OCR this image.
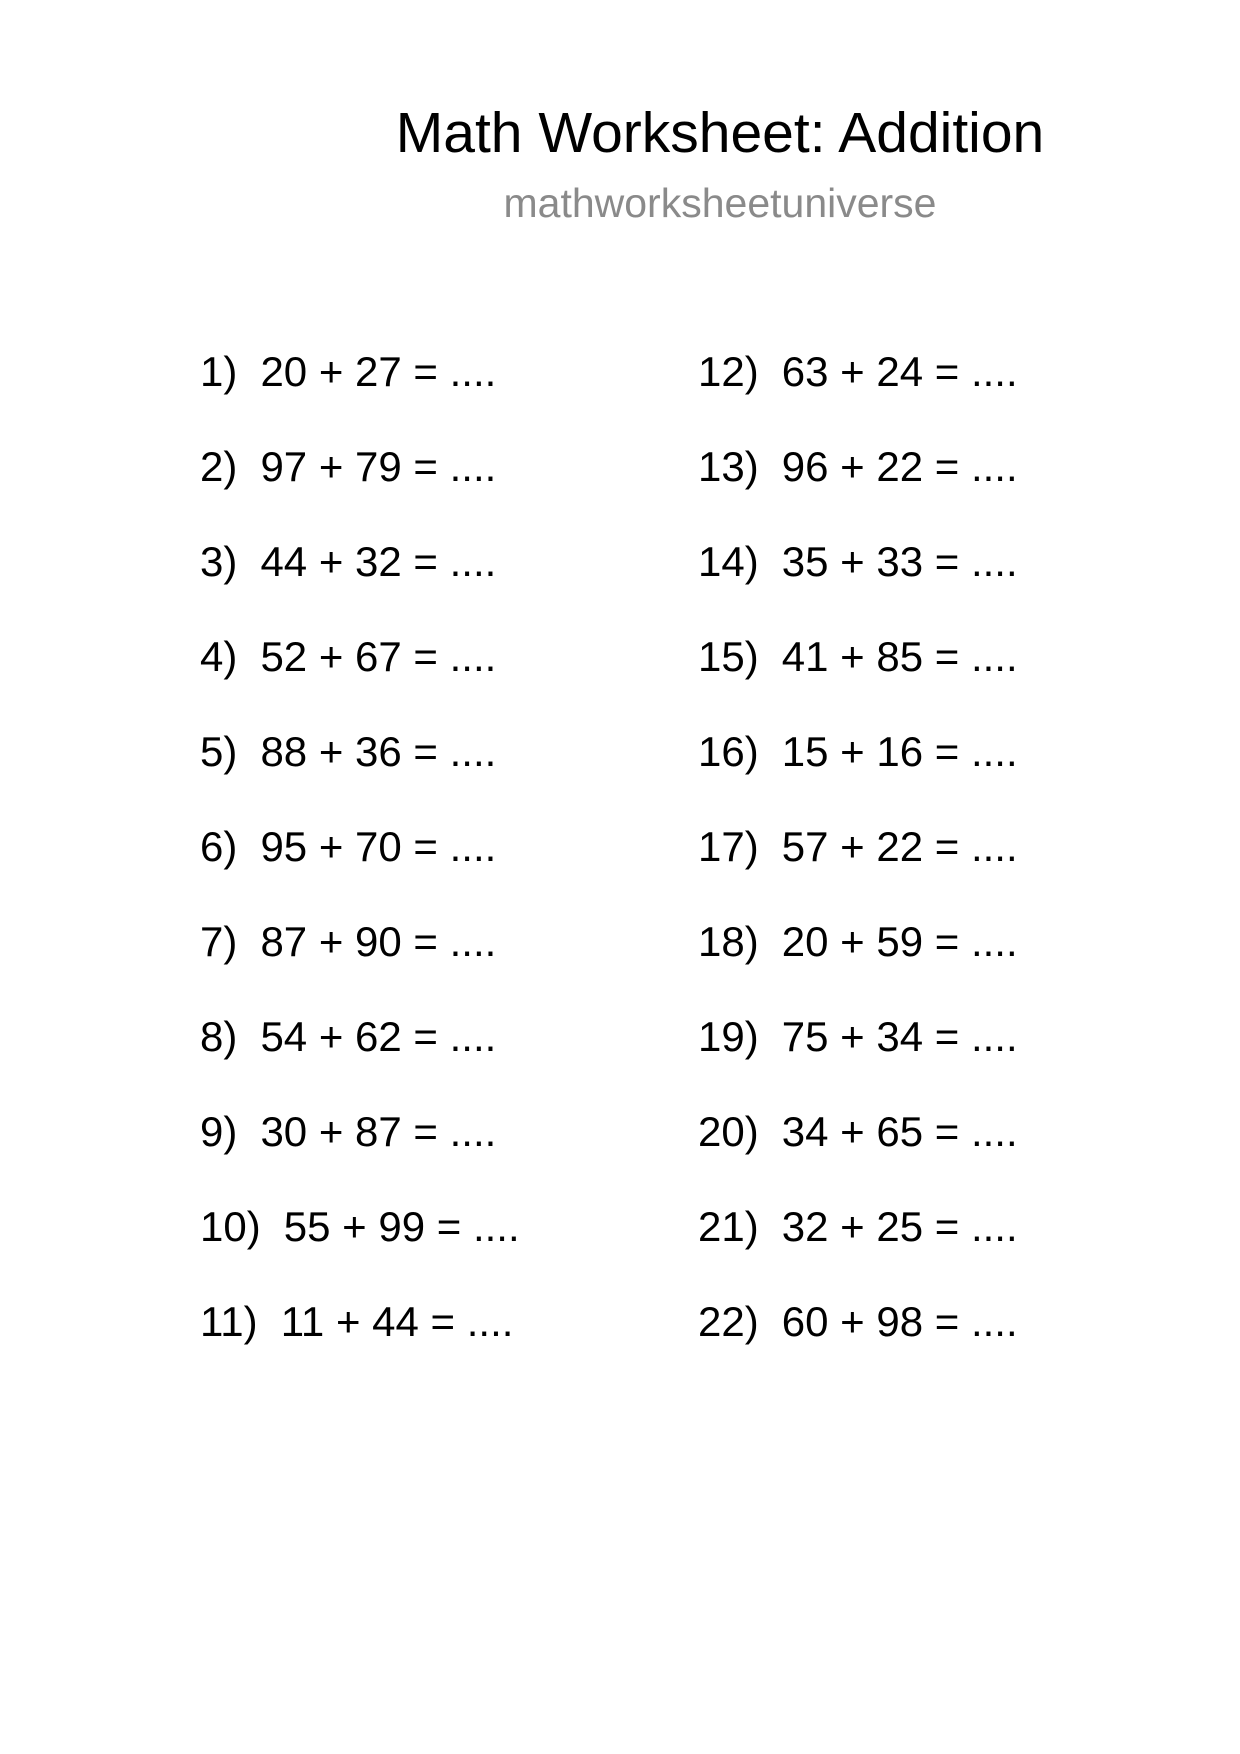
Math Worksheet: Addition
mathworksheetuniverse
1) 20 + 27 = ....
2) 97 + 79 = ....
3) 44 + 32 = ....
4) 52 + 67 = ....
5) 88 + 36 = ....
6) 95 + 70 = ....
7) 87 + 90 = ....
8) 54 + 62 = ....
9) 30 + 87 = ....
10) 55 + 99 = ....
11) 11 + 44 = ....
12) 63 + 24 = ....
13) 96 + 22 = ....
14) 35 + 33 = ....
15) 41 + 85 = ....
16) 15 + 16 = ....
17) 57 + 22 = ....
18) 20 + 59 = ....
19) 75 + 34 = ....
20) 34 + 65 = ....
21) 32 + 25 = ....
22) 60 + 98 = ....
